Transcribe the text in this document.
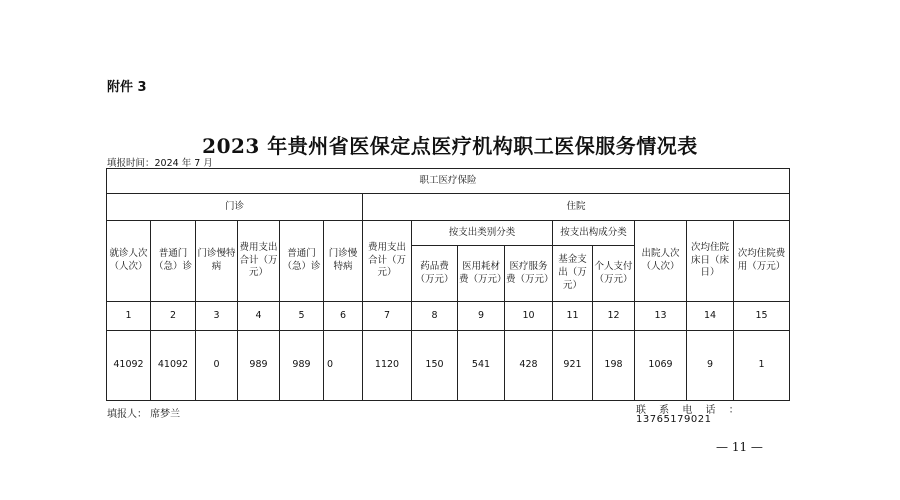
附件 3
2023 年贵州省医保定点医疗机构职工医保服务情况表
填报时间：2024 年 7 月
职工医疗保险														
门诊						住院								
就诊人次（人次）	普通门（急）诊	门诊慢特病	费用支出合计（万元）	普通门（急）诊	门诊慢特病	费用支出合计（万元）	按支出类别分类			按支出构成分类		出院人次（人次）	次均住院床日（床日）	次均住院费用（万元）
							药品费（万元）	医用耗材费（万元）	医疗服务费（万元）	基金支出（万元）	个人支付（万元）			
1	2	3	4	5	6	7	8	9	10	11	12	13	14	15
41092	41092	0	989	989	0	1120	150	541	428	921	198	1069	9	1
填报人： 席梦兰	联 系 电 话 ：
13765179021
— 11 —
